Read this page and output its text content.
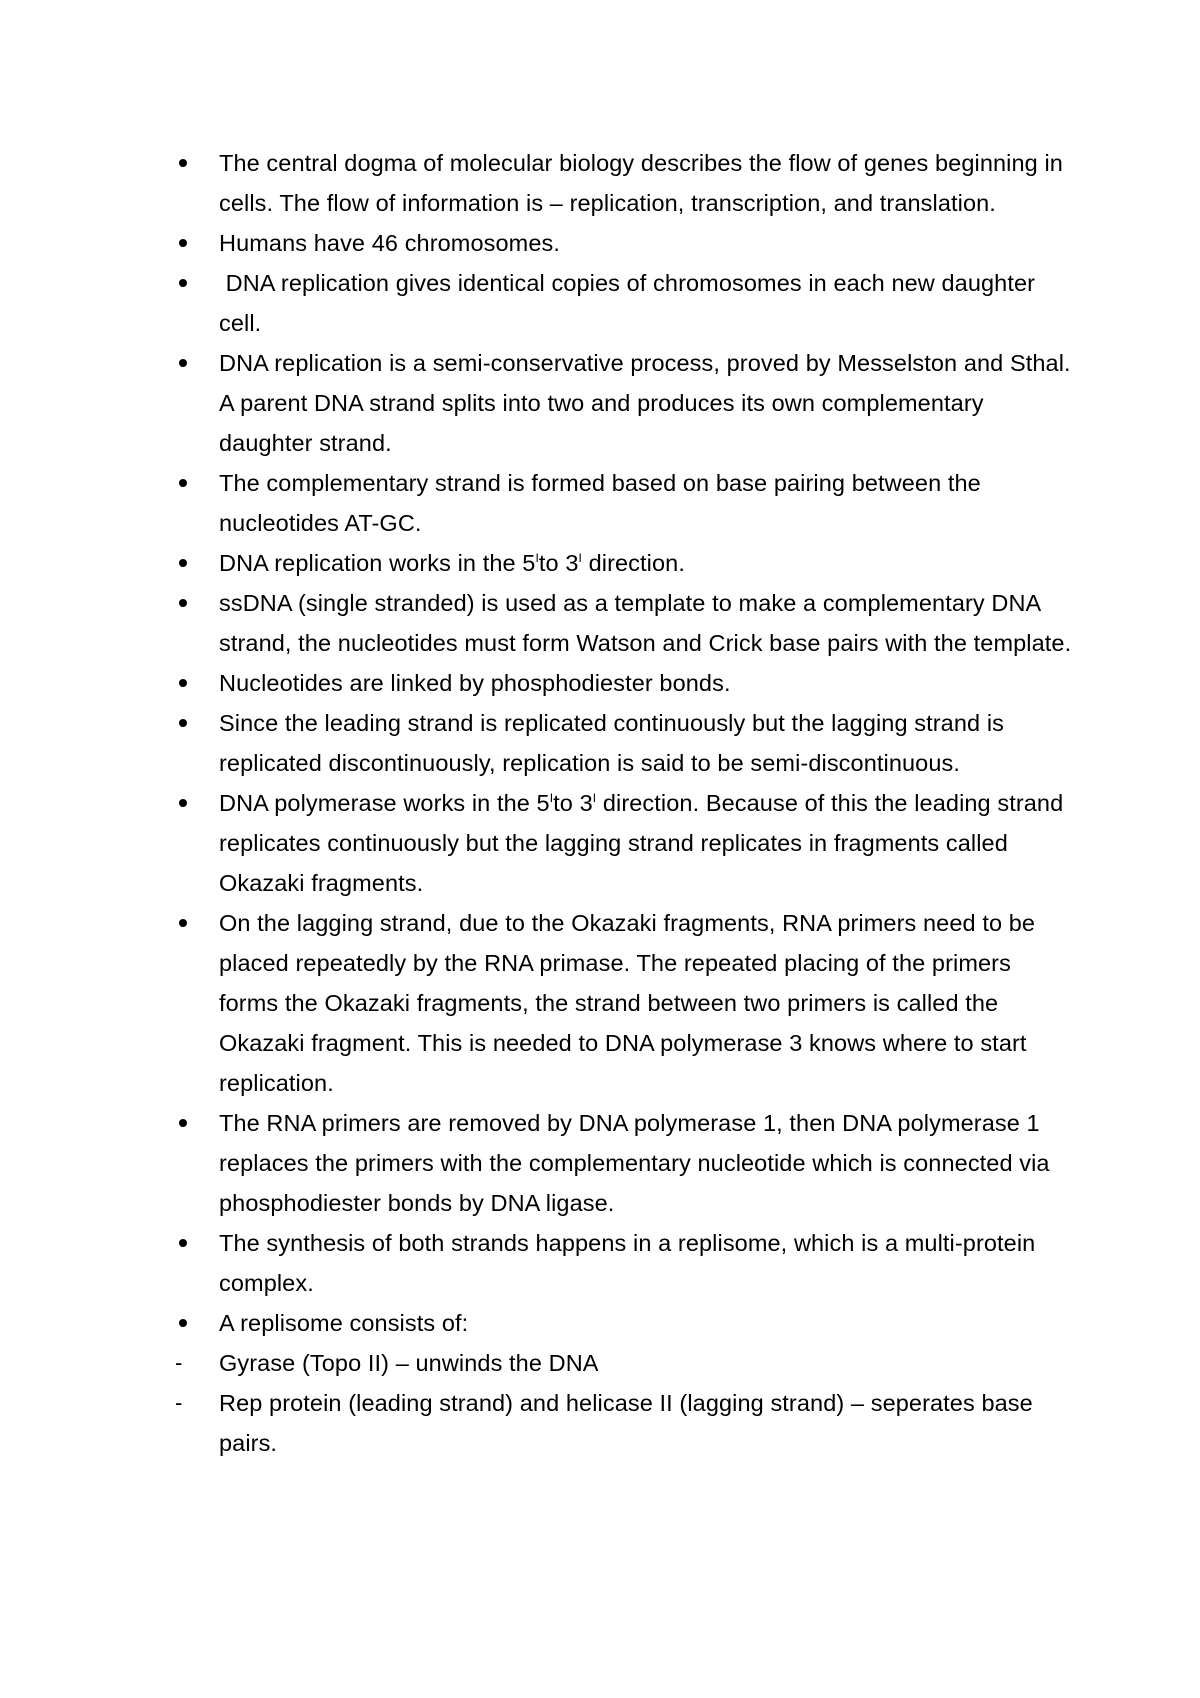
The central dogma of molecular biology describes the flow of genes beginning in cells. The flow of information is – replication, transcription, and translation.
Humans have 46 chromosomes.
DNA replication gives identical copies of chromosomes in each new daughter cell.
DNA replication is a semi-conservative process, proved by Messelston and Sthal. A parent DNA strand splits into two and produces its own complementary daughter strand.
The complementary strand is formed based on base pairing between the nucleotides AT-GC.
DNA replication works in the $5^Ito$ $3^I$ direction.
ssDNA (single stranded) is used as a template to make a complementary DNA strand, the nucleotides must form Watson and Crick base pairs with the template.
Nucleotides are linked by phosphodiester bonds.
Since the leading strand is replicated continuously but the lagging strand is replicated discontinuously, replication is said to be semi-discontinuous.
DNA polymerase works in the $5^Ito$ $3^I$ direction. Because of this the leading strand replicates continuously but the lagging strand replicates in fragments called Okazaki fragments.
On the lagging strand, due to the Okazaki fragments, RNA primers need to be placed repeatedly by the RNA primase. The repeated placing of the primers forms the Okazaki fragments, the strand between two primers is called the Okazaki fragment. This is needed to DNA polymerase 3 knows where to start replication.
The RNA primers are removed by DNA polymerase 1, then DNA polymerase 1 replaces the primers with the complementary nucleotide which is connected via phosphodiester bonds by DNA ligase.
The synthesis of both strands happens in a replisome, which is a multi-protein complex.
A replisome consists of:
-	Gyrase (Topo II) – unwinds the DNA
-	Rep protein (leading strand) and helicase II (lagging strand) – seperates base pairs.
